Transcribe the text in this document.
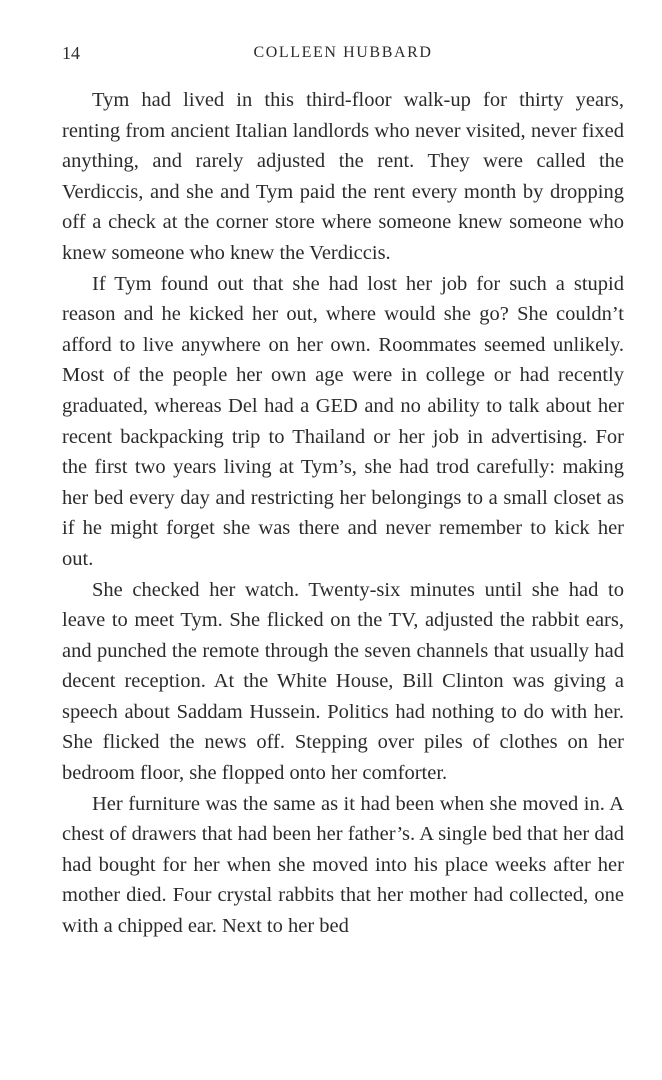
14	COLLEEN HUBBARD

Tym had lived in this third-floor walk-up for thirty years, renting from ancient Italian landlords who never visited, never fixed anything, and rarely adjusted the rent. They were called the Verdiccis, and she and Tym paid the rent every month by dropping off a check at the corner store where someone knew someone who knew someone who knew the Verdiccis.

If Tym found out that she had lost her job for such a stupid reason and he kicked her out, where would she go? She couldn’t afford to live anywhere on her own. Roommates seemed unlikely. Most of the people her own age were in college or had recently graduated, whereas Del had a GED and no ability to talk about her recent backpacking trip to Thailand or her job in advertising. For the first two years living at Tym’s, she had trod carefully: making her bed every day and restricting her belongings to a small closet as if he might forget she was there and never remember to kick her out.

She checked her watch. Twenty-six minutes until she had to leave to meet Tym. She flicked on the TV, adjusted the rabbit ears, and punched the remote through the seven channels that usually had decent reception. At the White House, Bill Clinton was giving a speech about Saddam Hussein. Politics had nothing to do with her. She flicked the news off. Stepping over piles of clothes on her bedroom floor, she flopped onto her comforter.

Her furniture was the same as it had been when she moved in. A chest of drawers that had been her father’s. A single bed that her dad had bought for her when she moved into his place weeks after her mother died. Four crystal rabbits that her mother had collected, one with a chipped ear. Next to her bed
